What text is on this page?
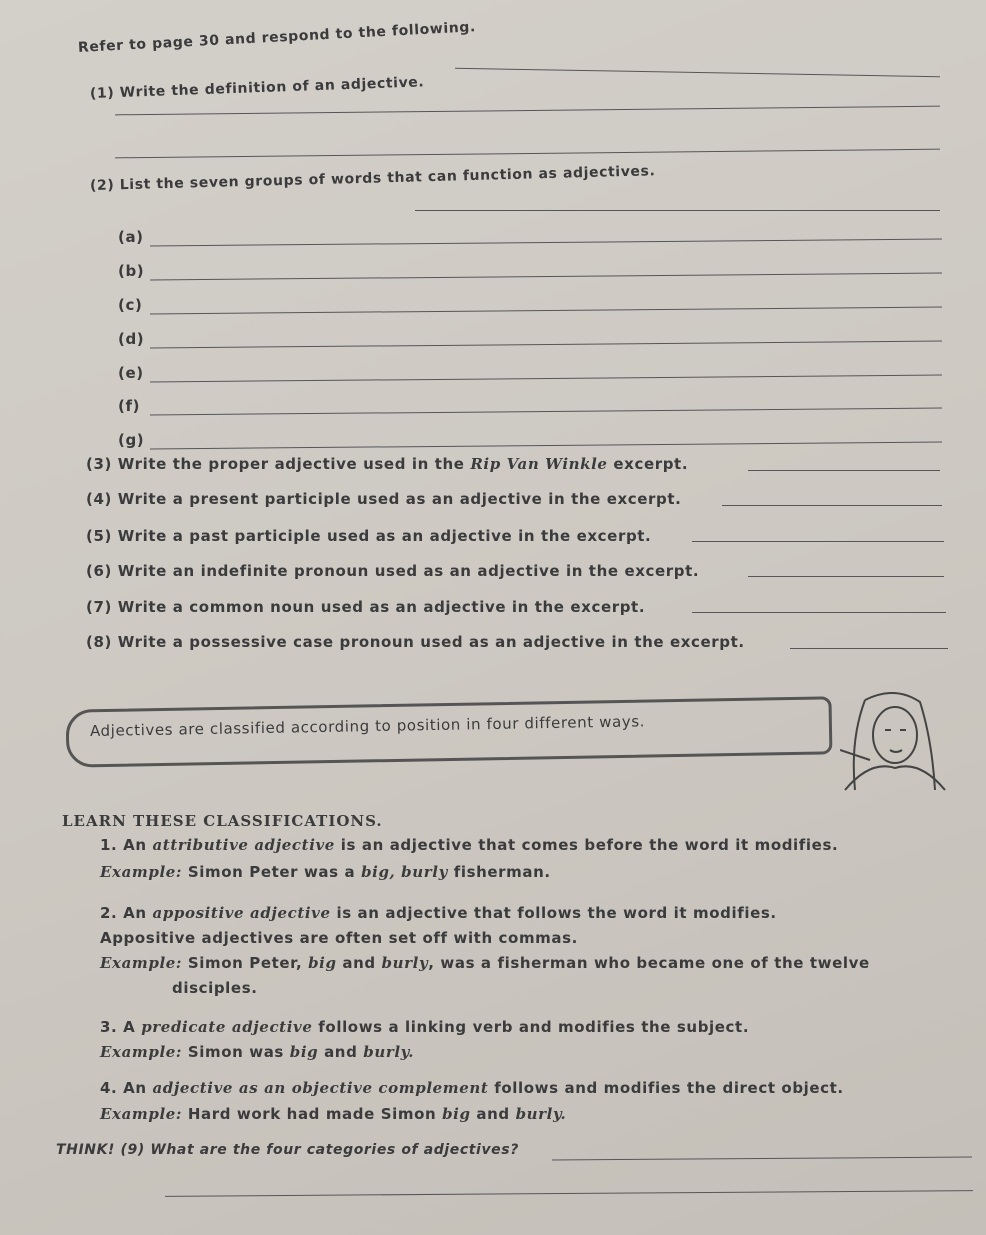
Refer to page 30 and respond to the following.
(1) Write the definition of an adjective.
(2) List the seven groups of words that can function as adjectives.
(a)
(b)
(c)
(d)
(e)
(f)
(g)
(3) Write the proper adjective used in the Rip Van Winkle excerpt.
(4) Write a present participle used as an adjective in the excerpt.
(5) Write a past participle used as an adjective in the excerpt.
(6) Write an indefinite pronoun used as an adjective in the excerpt.
(7) Write a common noun used as an adjective in the excerpt.
(8) Write a possessive case pronoun used as an adjective in the excerpt.
Adjectives are classified according to position in four different ways.
LEARN THESE CLASSIFICATIONS.
1. An attributive adjective is an adjective that comes before the word it modifies.
Example: Simon Peter was a big, burly fisherman.
2. An appositive adjective is an adjective that follows the word it modifies.
Appositive adjectives are often set off with commas.
Example: Simon Peter, big and burly, was a fisherman who became one of the twelve
disciples.
3. A predicate adjective follows a linking verb and modifies the subject.
Example: Simon was big and burly.
4. An adjective as an objective complement follows and modifies the direct object.
Example: Hard work had made Simon big and burly.
THINK! (9) What are the four categories of adjectives?
